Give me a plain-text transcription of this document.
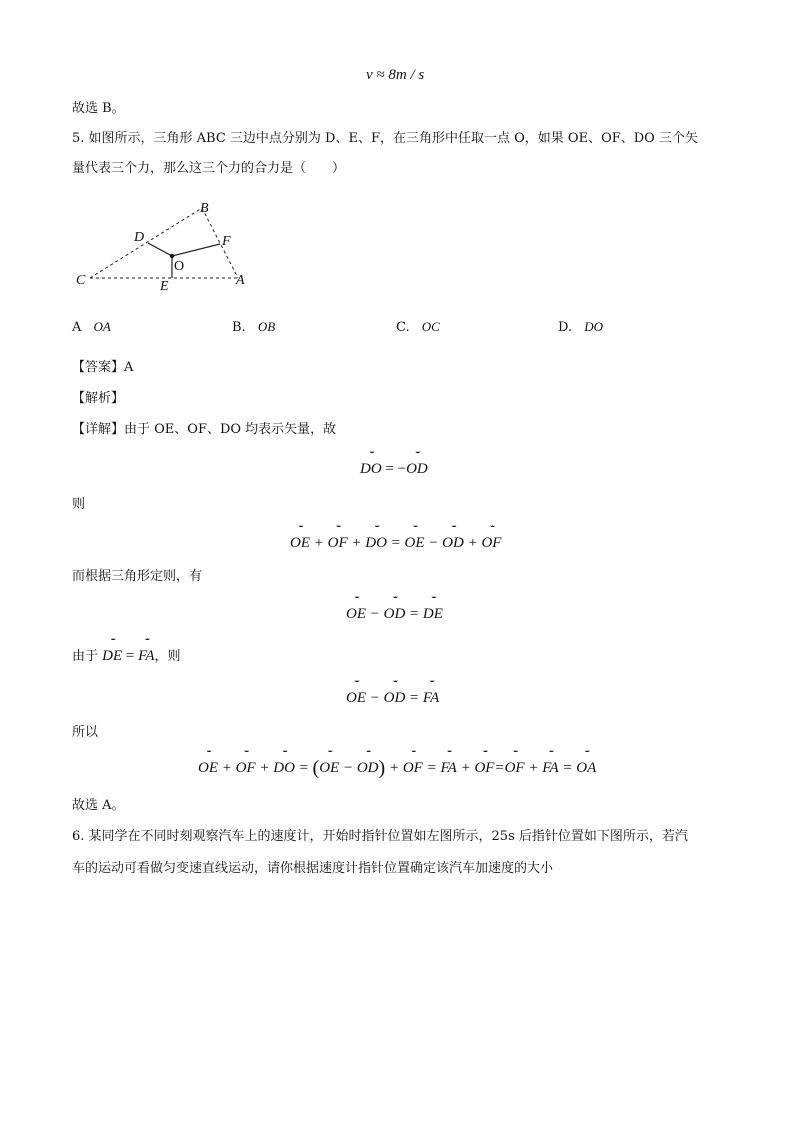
v ≈ 8m / s
故选 B。
5. 如图所示，三角形 ABC 三边中点分别为 D、E、F，在三角形中任取一点 O，如果 OE、OF、DO 三个矢
量代表三个力，那么这三个力的合力是（　　）
B
D	F
O
C	E	A
A OA	B. OB	C. OC	D. DO
【答案】A
【解析】
【详解】由于 OE、OF、DO 均表示矢量，故
ˇˇˇ DO = −ˇˇˇ OD
则
ˇˇˇ OE + ˇˇˇ OF + ˇˇˇ DO = ˇˇˇ OE − ˇˇˇ OD + ˇˇˇ OF
而根据三角形定则，有
ˇˇˇ OE − ˇˇˇ OD = ˇˇˇ DE
由于 ˇˇˇ DE = ˇˇˇ FA，则
ˇˇˇ OE − ˇˇˇ OD = ˇˇˇ FA
所以
ˇˇˇ OE + ˇˇˇ OF + ˇˇˇ DO = (ˇˇˇ OE − ˇˇˇ OD) + ˇˇˇ OF = ˇˇˇ FA + ˇˇˇ OF=ˇˇˇ OF + ˇˇˇ FA = ˇˇˇ OA
故选 A。
6. 某同学在不同时刻观察汽车上的速度计，开始时指针位置如左图所示，25s 后指针位置如下图所示，若汽
车的运动可看做匀变速直线运动，请你根据速度计指针位置确定该汽车加速度的大小
